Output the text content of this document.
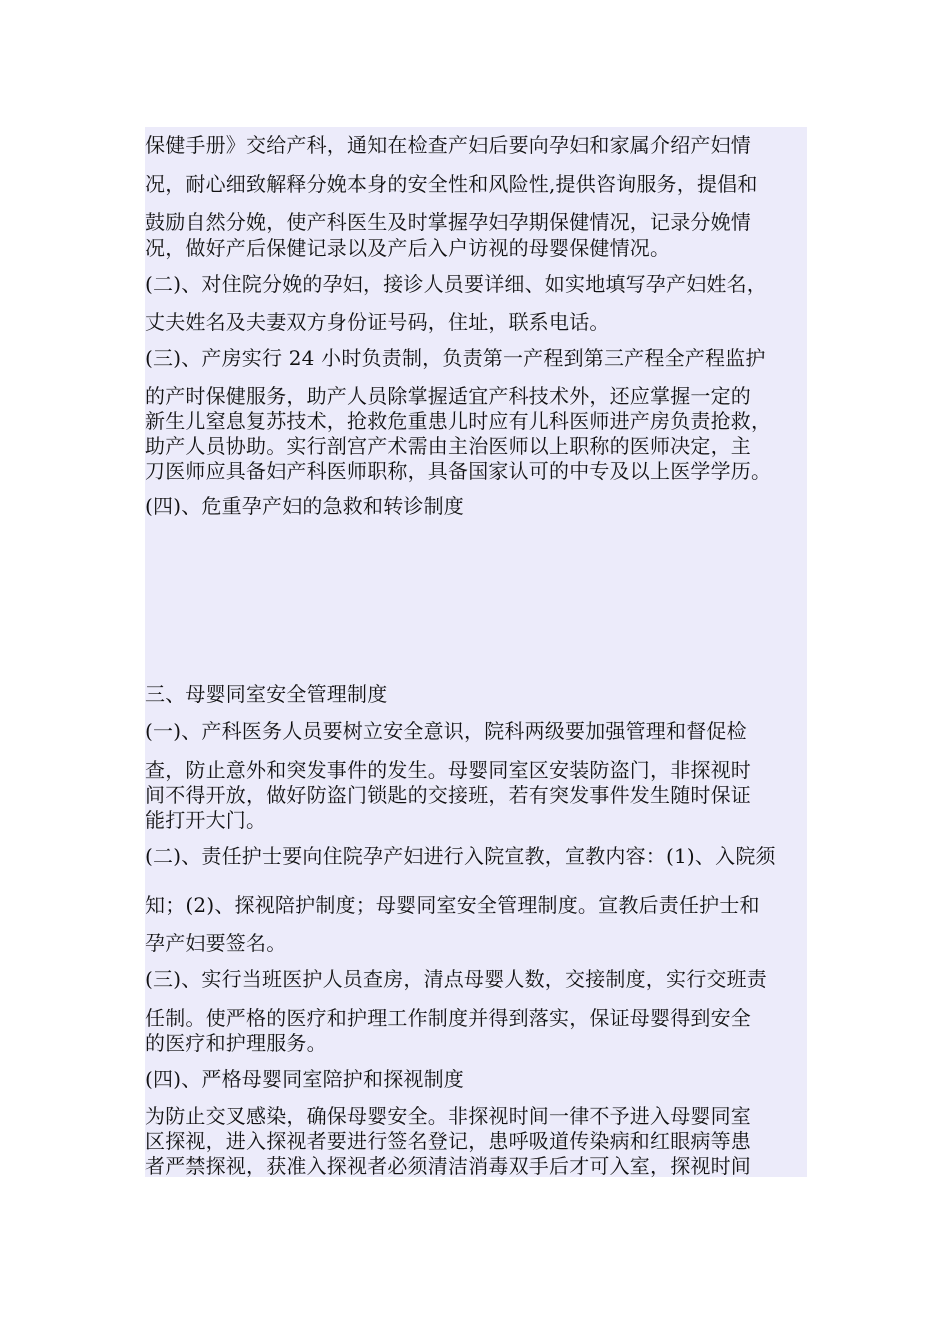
保健手册》交给产科，通知在检查产妇后要向孕妇和家属介绍产妇情
况，耐心细致解释分娩本身的安全性和风险性,提供咨询服务，提倡和
鼓励自然分娩，使产科医生及时掌握孕妇孕期保健情况，记录分娩情
况，做好产后保健记录以及产后入户访视的母婴保健情况。
(二)、对住院分娩的孕妇，接诊人员要详细、如实地填写孕产妇姓名，
丈夫姓名及夫妻双方身份证号码，住址，联系电话。
(三)、产房实行 24 小时负责制，负责第一产程到第三产程全产程监护
的产时保健服务，助产人员除掌握适宜产科技术外，还应掌握一定的
新生儿窒息复苏技术，抢救危重患儿时应有儿科医师进产房负责抢救，
助产人员协助。实行剖宫产术需由主治医师以上职称的医师决定，主
刀医师应具备妇产科医师职称，具备国家认可的中专及以上医学学历。
(四)、危重孕产妇的急救和转诊制度
三、母婴同室安全管理制度
(一)、产科医务人员要树立安全意识，院科两级要加强管理和督促检
查，防止意外和突发事件的发生。母婴同室区安装防盗门，非探视时
间不得开放，做好防盗门锁匙的交接班，若有突发事件发生随时保证
能打开大门。
(二)、责任护士要向住院孕产妇进行入院宣教，宣教内容：(1)、入院须
知；(2)、探视陪护制度；母婴同室安全管理制度。宣教后责任护士和
孕产妇要签名。
(三)、实行当班医护人员查房，清点母婴人数，交接制度，实行交班责
任制。使严格的医疗和护理工作制度并得到落实，保证母婴得到安全
的医疗和护理服务。
(四)、严格母婴同室陪护和探视制度
为防止交叉感染，确保母婴安全。非探视时间一律不予进入母婴同室
区探视，进入探视者要进行签名登记，患呼吸道传染病和红眼病等患
者严禁探视，获准入探视者必须清洁消毒双手后才可入室，探视时间
